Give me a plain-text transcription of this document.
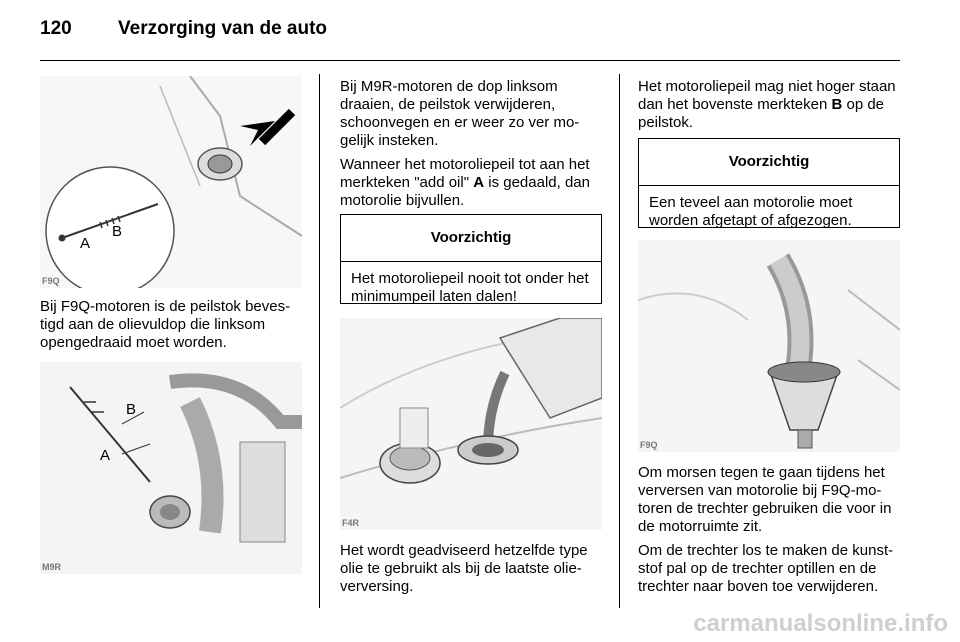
120	Verzorging van de auto
A
B
F9Q

Bij F9Q-motoren is de peilstok beves- tigd aan de olievuldop die linksom opengedraaid moet worden.

B
A
M9R

Bij M9R-motoren de dop linksom draaien, de peilstok verwijderen, schoonvegen en er weer zo ver mo- gelijk insteken.

Wanneer het motoroliepeil tot aan het merkteken "add oil" A is gedaald, dan motorolie bijvullen.

Voorzichtig
Het motoroliepeil nooit tot onder het minimumpeil laten dalen!
F4R

Het wordt geadviseerd hetzelfde type olie te gebruikt als bij de laatste olie- verversing.

Het motoroliepeil mag niet hoger staan dan het bovenste merkteken B op de peilstok.

Voorzichtig
Een teveel aan motorolie moet worden afgetapt of afgezogen.
F9Q

Om morsen tegen te gaan tijdens het verversen van motorolie bij F9Q-mo- toren de trechter gebruiken die voor in de motorruimte zit.

Om de trechter los te maken de kunst- stof pal op de trechter optillen en de trechter naar boven toe verwijderen.

carmanualsonline.info
